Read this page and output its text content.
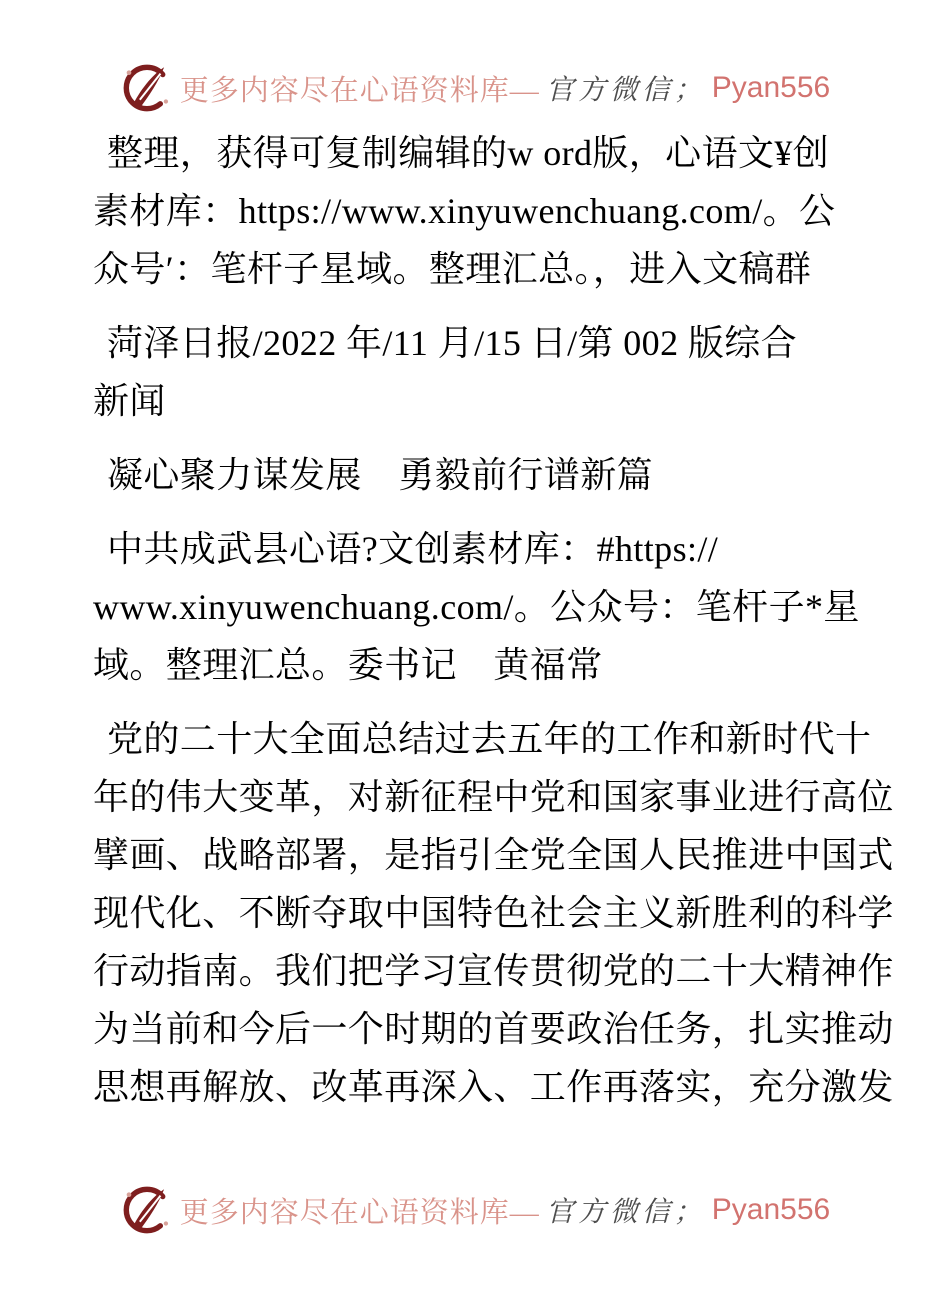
更多内容尽在心语资料库— 官方微信； Pyan556
整理，获得可复制编辑的w ord版，心语文¥创
素材库：https://www.xinyuwenchuang.com/。公
众号′：笔杆子星域。整理汇总。，进入文稿群
菏泽日报/2022 年/11 月/15 日/第 002 版综合
新闻
凝心聚力谋发展　勇毅前行谱新篇
中共成武县心语?文创素材库：#https://
www.xinyuwenchuang.com/。公众号：笔杆子*星
域。整理汇总。委书记　黄福常
党的二十大全面总结过去五年的工作和新时代十
年的伟大变革，对新征程中党和国家事业进行高位
擘画、战略部署，是指引全党全国人民推进中国式
现代化、不断夺取中国特色社会主义新胜利的科学
行动指南。我们把学习宣传贯彻党的二十大精神作
为当前和今后一个时期的首要政治任务，扎实推动
思想再解放、改革再深入、工作再落实，充分激发
更多内容尽在心语资料库— 官方微信； Pyan556
